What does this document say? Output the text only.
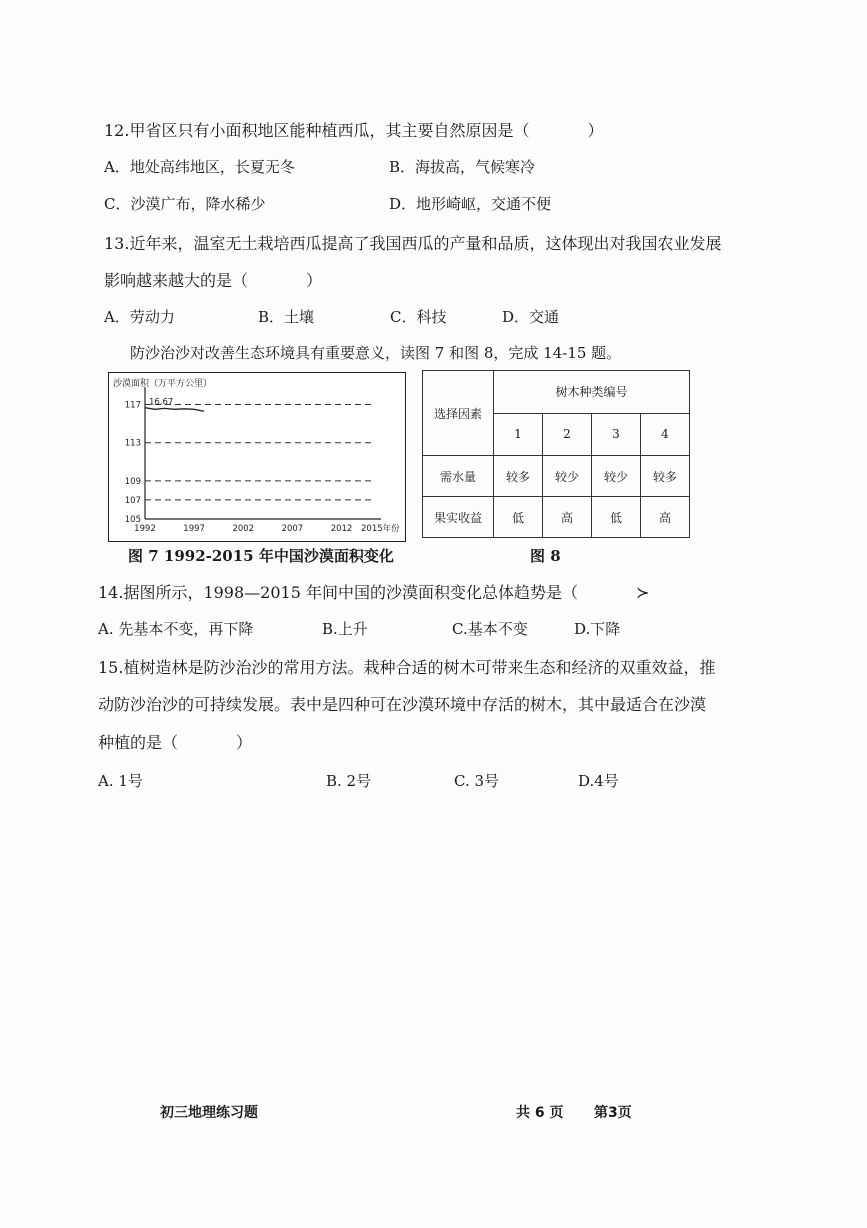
12.甲省区只有小面积地区能种植西瓜，其主要自然原因是（	）
A．地处高纬地区，长夏无冬	B．海拔高，气候寒冷
C．沙漠广布，降水稀少	D．地形崎岖，交通不便
13.近年来，温室无土栽培西瓜提高了我国西瓜的产量和品质，这体现出对我国农业发展
影响越来越大的是（	）
A．劳动力	B．土壤	C．科技	D．交通
防沙治沙对改善生态环境具有重要意义，读图 7 和图 8，完成 14-15 题。
沙漠面积（万平方公里）
105
107
109
113
117
1992	1997	2002	2007	2012 2015年份
16.67
图 7 1992-2015 年中国沙漠面积变化
选择因素	树木种类编号			
	1	2	3	4
需水量	较多	较少	较少	较多
果实收益	低	高	低	高
图 8
14.据图所示，1998—2015 年间中国的沙漠面积变化总体趋势是（	≻
A. 先基本不变，再下降	B.上升	C.基本不变	D.下降
15.植树造林是防沙治沙的常用方法。栽种合适的树木可带来生态和经济的双重效益，推
动防沙治沙的可持续发展。表中是四种可在沙漠环境中存活的树木，其中最适合在沙漠
种植的是（	）
A. 1号	B. 2号	C. 3号	D.4号
初三地理练习题	共 6 页 第3页
